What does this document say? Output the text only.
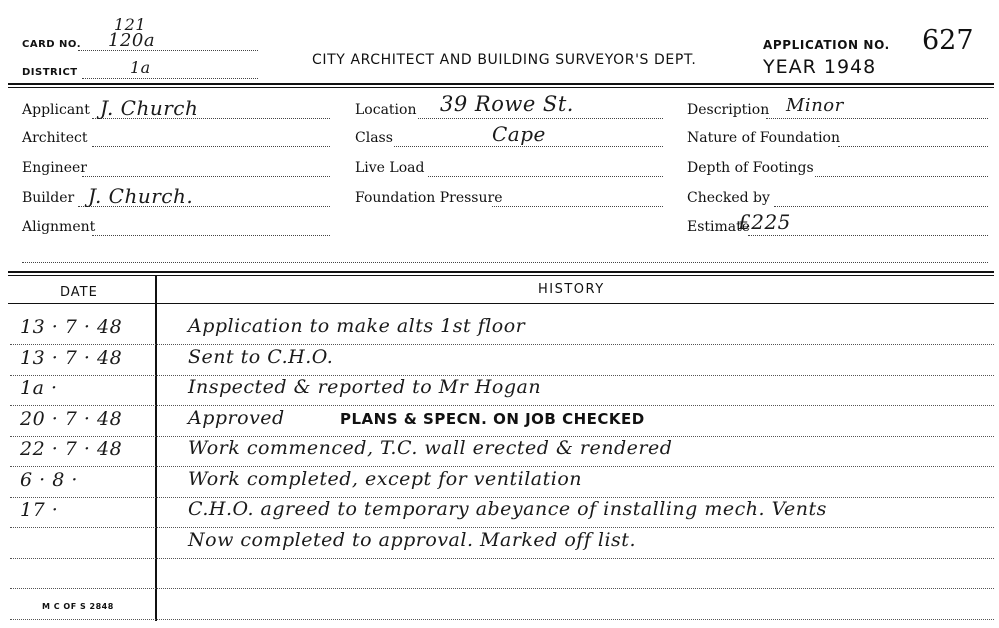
CARD NO.
121
120a
DISTRICT	1a	CITY ARCHITECT AND BUILDING SURVEYOR'S DEPT.
APPLICATION NO. 627
YEAR 1948
Applicant J. Church
Architect
Engineer
Builder J. Church.
Alignment
Location 39 Rowe St.
Class	Cape
Live Load
Foundation Pressure
Description Minor
Nature of Foundation
Depth of Footings
Checked by
Estimate
£225
DATE	HISTORY
13 · 7 · 48	Application to make alts 1st floor
13 · 7 · 48	Sent to C.H.O.
1a ·	Inspected & reported to Mr Hogan
20 · 7 · 48	Approved	PLANS & SPECN. ON JOB CHECKED
22 · 7 · 48	Work commenced, T.C. wall erected & rendered
6 · 8 ·	Work completed, except for ventilation
17 ·	C.H.O. agreed to temporary abeyance of installing mech. Vents
Now completed to approval. Marked off list.
M C OF S 2848
